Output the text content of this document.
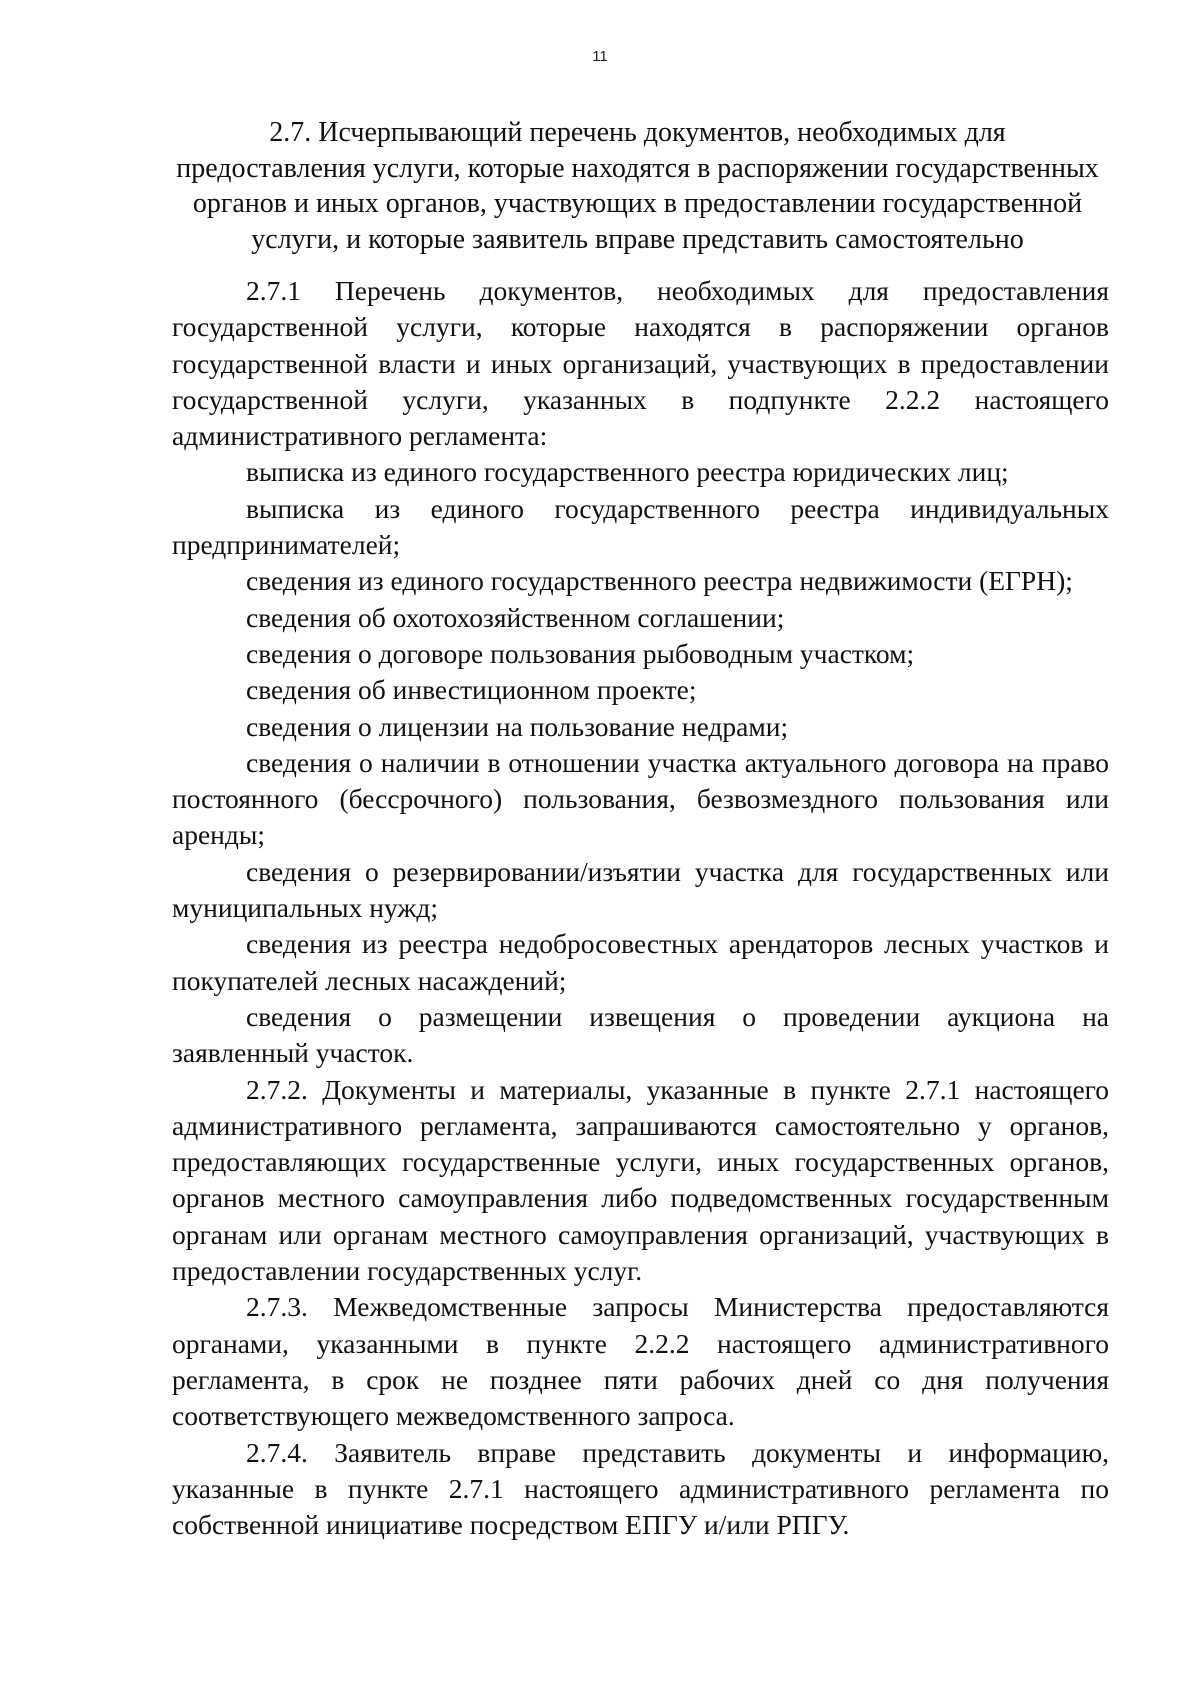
11
2.7. Исчерпывающий перечень документов, необходимых для
предоставления услуги, которые находятся в распоряжении государственных
органов и иных органов, участвующих в предоставлении государственной
услуги, и которые заявитель вправе представить самостоятельно

2.7.1 Перечень документов, необходимых для предоставления государственной услуги, которые находятся в распоряжении органов государственной власти и иных организаций, участвующих в предоставлении государственной услуги, указанных в подпункте 2.2.2 настоящего административного регламента:

выписка из единого государственного реестра юридических лиц;

выписка из единого государственного реестра индивидуальных предпринимателей;

сведения из единого государственного реестра недвижимости (ЕГРН);

сведения об охотохозяйственном соглашении;

сведения о договоре пользования рыбоводным участком;

сведения об инвестиционном проекте;

сведения о лицензии на пользование недрами;

сведения о наличии в отношении участка актуального договора на право постоянного (бессрочного) пользования, безвозмездного пользования или аренды;

сведения о резервировании/изъятии участка для государственных или муниципальных нужд;

сведения из реестра недобросовестных арендаторов лесных участков и покупателей лесных насаждений;

сведения о размещении извещения о проведении аукциона на заявленный участок.

2.7.2. Документы и материалы, указанные в пункте 2.7.1 настоящего административного регламента, запрашиваются самостоятельно у органов, предоставляющих государственные услуги, иных государственных органов, органов местного самоуправления либо подведомственных государственным органам или органам местного самоуправления организаций, участвующих в предоставлении государственных услуг.

2.7.3. Межведомственные запросы Министерства предоставляются органами, указанными в пункте 2.2.2 настоящего административного регламента, в срок не позднее пяти рабочих дней со дня получения соответствующего межведомственного запроса.

2.7.4. Заявитель вправе представить документы и информацию, указанные в пункте 2.7.1 настоящего административного регламента по собственной инициативе посредством ЕПГУ и/или РПГУ.
